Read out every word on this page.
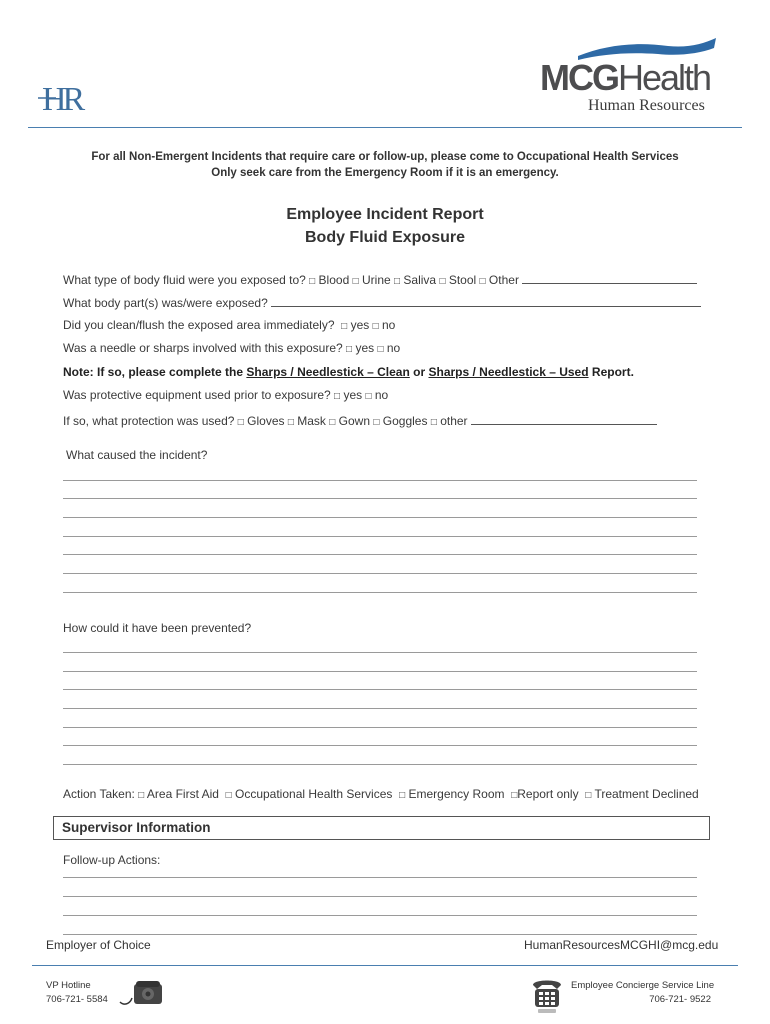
HR
MCGHealth
Human Resources
For all Non-Emergent Incidents that require care or follow-up, please come to Occupational Health Services
Only seek care from the Emergency Room if it is an emergency.
Employee Incident Report
Body Fluid Exposure
What type of body fluid were you exposed to? □ Blood □ Urine □ Saliva □ Stool □ Other
What body part(s) was/were exposed?
Did you clean/flush the exposed area immediately? □ yes □ no
Was a needle or sharps involved with this exposure? □ yes □ no
Note: If so, please complete the Sharps / Needlestick – Clean or Sharps / Needlestick – Used Report.
Was protective equipment used prior to exposure? □ yes □ no
If so, what protection was used? □ Gloves □ Mask □ Gown □ Goggles □ other
What caused the incident?
How could it have been prevented?
Action Taken: □ Area First Aid □ Occupational Health Services □ Emergency Room □Report only □ Treatment Declined
Supervisor Information
Follow-up Actions:
Employer of Choice	HumanResourcesMCGHI@mcg.edu
VP Hotline
706-721- 5584
Employee Concierge Service Line
706-721- 9522
